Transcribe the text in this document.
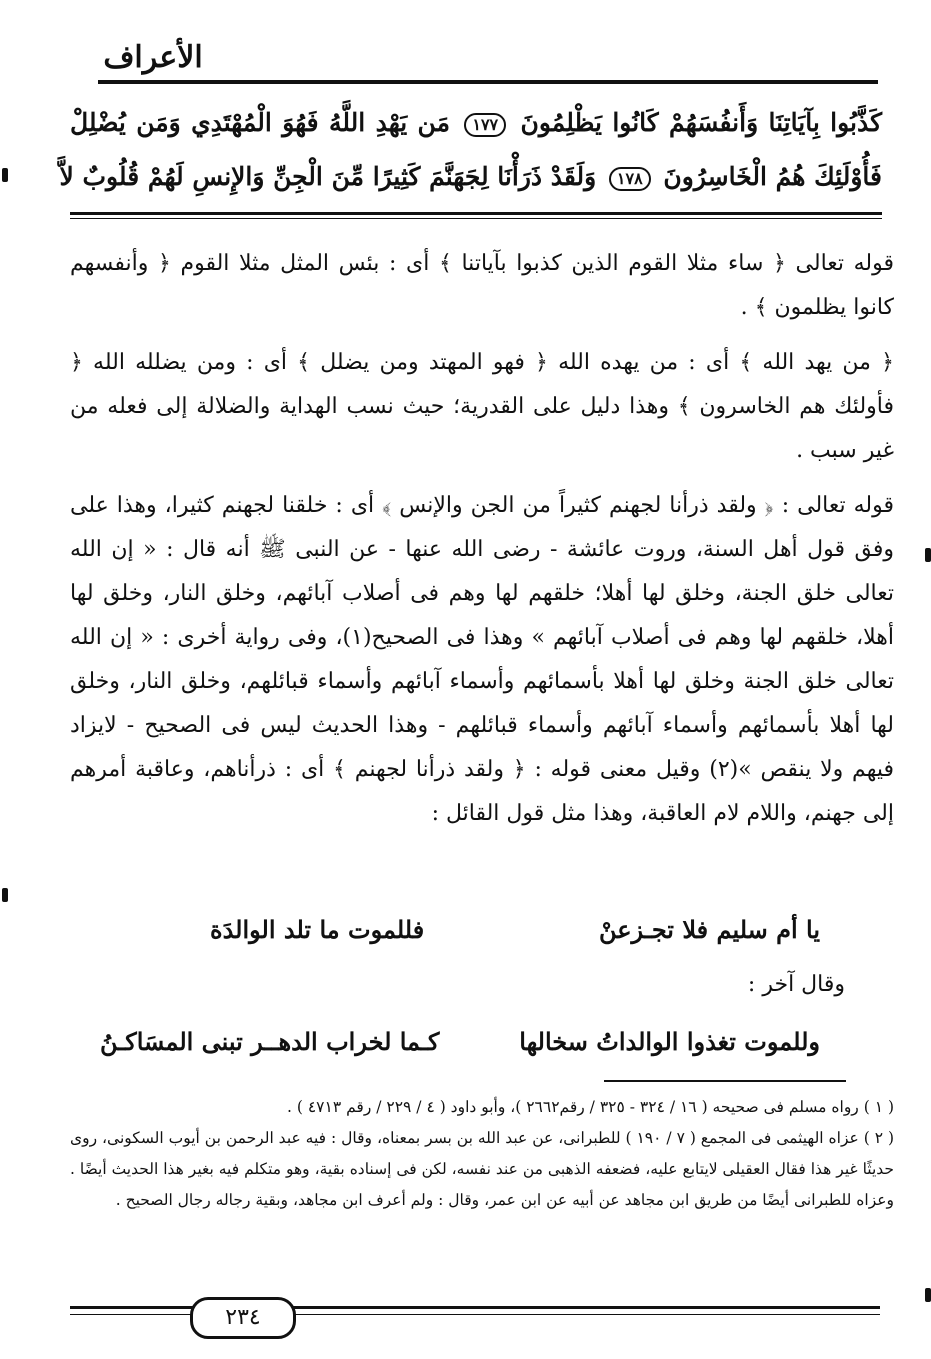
الأعراف
كَذَّبُوا بِآيَاتِنَا وَأَنفُسَهُمْ كَانُوا يَظْلِمُونَ ١٧٧ مَن يَهْدِ اللَّهُ فَهُوَ الْمُهْتَدِي وَمَن يُضْلِلْ
فَأُوْلَئِكَ هُمُ الْخَاسِرُونَ ١٧٨ وَلَقَدْ ذَرَأْنَا لِجَهَنَّمَ كَثِيرًا مِّنَ الْجِنِّ وَالإِنسِ لَهُمْ قُلُوبٌ لاَّ

قوله تعالى ﴿ ساء مثلا القوم الذين كذبوا بآياتنا ﴾ أى : بئس المثل مثلا القوم ﴿ وأنفسهم كانوا يظلمون ﴾ .

﴿ من يهد الله ﴾ أى : من يهده الله ﴿ فهو المهتد ومن يضلل ﴾ أى : ومن يضلله الله ﴿ فأولئك هم الخاسرون ﴾ وهذا دليل على القدرية؛ حيث نسب الهداية والضلالة إلى فعله من غير سبب .

قوله تعالى : ﴿ ولقد ذرأنا لجهنم كثيراً من الجن والإنس ﴾ أى : خلقنا لجهنم كثيرا، وهذا على وفق قول أهل السنة، وروت عائشة - رضى الله عنها - عن النبى ﷺ أنه قال : « إن الله تعالى خلق الجنة، وخلق لها أهلا؛ خلقهم لها وهم فى أصلاب آبائهم، وخلق النار، وخلق لها أهلا، خلقهم لها وهم فى أصلاب آبائهم » وهذا فى الصحيح(١)، وفى رواية أخرى : « إن الله تعالى خلق الجنة وخلق لها أهلا بأسمائهم وأسماء آبائهم وأسماء قبائلهم، وخلق النار، وخلق لها أهلا بأسمائهم وأسماء آبائهم وأسماء قبائلهم - وهذا الحديث ليس فى الصحيح - لايزاد فيهم ولا ينقص »(٢) وقيل معنى قوله : ﴿ ولقد ذرأنا لجهنم ﴾ أى : ذرأناهم، وعاقبة أمرهم إلى جهنم، واللام لام العاقبة، وهذا مثل قول القائل :

يا أم سليم فلا تجـزعنْ
فللموت ما تلد الوالدَة
وقال آخر :
وللموت تغذوا الوالداتُ سخالها
كـما لخراب الدهــر تبنى المسَاكـنُ

( ١ ) رواه مسلم فى صحيحه ( ١٦ / ٣٢٤ - ٣٢٥ / رقم٢٦٦٢ )، وأبو داود ( ٤ / ٢٢٩ / رقم ٤٧١٣ ) .

( ٢ ) عزاه الهيثمى فى المجمع ( ٧ / ١٩٠ ) للطبرانى، عن عبد الله بن بسر بمعناه، وقال : فيه عبد الرحمن بن أيوب السكونى، روى حديثًا غير هذا فقال العقيلى لايتابع عليه، فضعفه الذهبى من عند نفسه، لكن فى إسناده بقية، وهو متكلم فيه بغير هذا الحديث أيضًا . وعزاه للطبرانى أيضًا من طريق ابن مجاهد عن أبيه عن ابن عمر، وقال : ولم أعرف ابن مجاهد، وبقية رجاله رجال الصحيح .

٢٣٤
